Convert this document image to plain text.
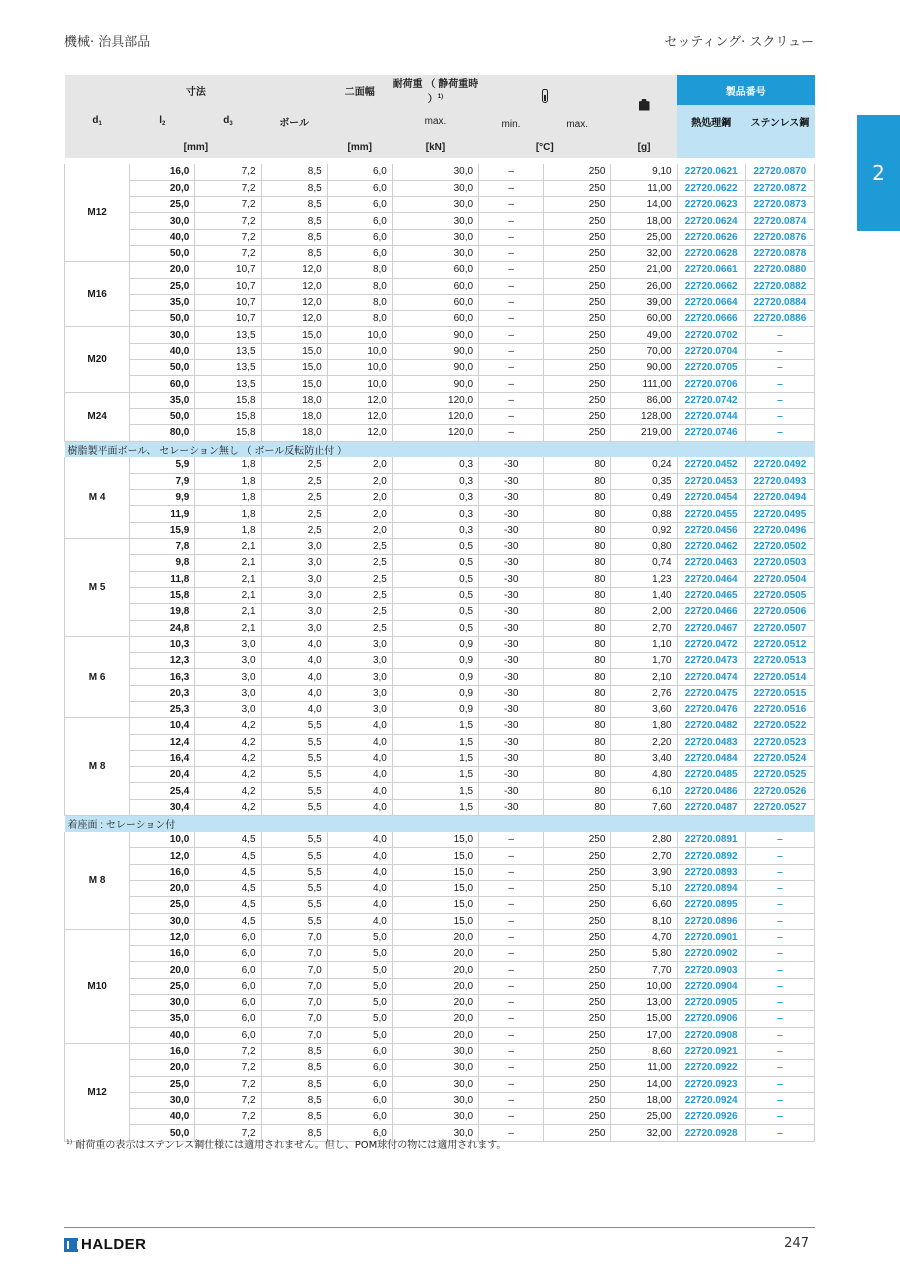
機械· 治具部品	セッティング· スクリュー
2
寸法				二面幅	耐荷重 （ 静荷重時 ）$^{1)}$	min. max.			製品番号	
$d_1$	$l_2$	$d_3$	ボール		max.				熱処理鋼	ステンレス鋼
[mm]				[mm]	[kN]	[°C]		[g]		

M12	16,0	7,2	8,5	6,0	30,0	–	250	9,10	22720.0621	22720.0870
	20,0	7,2	8,5	6,0	30,0	–	250	11,00	22720.0622	22720.0872
	25,0	7,2	8,5	6,0	30,0	–	250	14,00	22720.0623	22720.0873
	30,0	7,2	8,5	6,0	30,0	–	250	18,00	22720.0624	22720.0874
	40,0	7,2	8,5	6,0	30,0	–	250	25,00	22720.0626	22720.0876
	50,0	7,2	8,5	6,0	30,0	–	250	32,00	22720.0628	22720.0878
M16	20,0	10,7	12,0	8,0	60,0	–	250	21,00	22720.0661	22720.0880
	25,0	10,7	12,0	8,0	60,0	–	250	26,00	22720.0662	22720.0882
	35,0	10,7	12,0	8,0	60,0	–	250	39,00	22720.0664	22720.0884
	50,0	10,7	12,0	8,0	60,0	–	250	60,00	22720.0666	22720.0886
M20	30,0	13,5	15,0	10,0	90,0	–	250	49,00	22720.0702	–
	40,0	13,5	15,0	10,0	90,0	–	250	70,00	22720.0704	–
	50,0	13,5	15,0	10,0	90,0	–	250	90,00	22720.0705	–
	60,0	13,5	15,0	10,0	90,0	–	250	111,00	22720.0706	–
M24	35,0	15,8	18,0	12,0	120,0	–	250	86,00	22720.0742	–
	50,0	15,8	18,0	12,0	120,0	–	250	128,00	22720.0744	–
	80,0	15,8	18,0	12,0	120,0	–	250	219,00	22720.0746	–
樹脂製平面ボール、 セレーション無し （ ボール反転防止付 ）										
M 4	5,9	1,8	2,5	2,0	0,3	-30	80	0,24	22720.0452	22720.0492
	7,9	1,8	2,5	2,0	0,3	-30	80	0,35	22720.0453	22720.0493
	9,9	1,8	2,5	2,0	0,3	-30	80	0,49	22720.0454	22720.0494
	11,9	1,8	2,5	2,0	0,3	-30	80	0,88	22720.0455	22720.0495
	15,9	1,8	2,5	2,0	0,3	-30	80	0,92	22720.0456	22720.0496
M 5	7,8	2,1	3,0	2,5	0,5	-30	80	0,80	22720.0462	22720.0502
	9,8	2,1	3,0	2,5	0,5	-30	80	0,74	22720.0463	22720.0503
	11,8	2,1	3,0	2,5	0,5	-30	80	1,23	22720.0464	22720.0504
	15,8	2,1	3,0	2,5	0,5	-30	80	1,40	22720.0465	22720.0505
	19,8	2,1	3,0	2,5	0,5	-30	80	2,00	22720.0466	22720.0506
	24,8	2,1	3,0	2,5	0,5	-30	80	2,70	22720.0467	22720.0507
M 6	10,3	3,0	4,0	3,0	0,9	-30	80	1,10	22720.0472	22720.0512
	12,3	3,0	4,0	3,0	0,9	-30	80	1,70	22720.0473	22720.0513
	16,3	3,0	4,0	3,0	0,9	-30	80	2,10	22720.0474	22720.0514
	20,3	3,0	4,0	3,0	0,9	-30	80	2,76	22720.0475	22720.0515
	25,3	3,0	4,0	3,0	0,9	-30	80	3,60	22720.0476	22720.0516
M 8	10,4	4,2	5,5	4,0	1,5	-30	80	1,80	22720.0482	22720.0522
	12,4	4,2	5,5	4,0	1,5	-30	80	2,20	22720.0483	22720.0523
	16,4	4,2	5,5	4,0	1,5	-30	80	3,40	22720.0484	22720.0524
	20,4	4,2	5,5	4,0	1,5	-30	80	4,80	22720.0485	22720.0525
	25,4	4,2	5,5	4,0	1,5	-30	80	6,10	22720.0486	22720.0526
	30,4	4,2	5,5	4,0	1,5	-30	80	7,60	22720.0487	22720.0527
着座面 : セレーション付										
M 8	10,0	4,5	5,5	4,0	15,0	–	250	2,80	22720.0891	–
	12,0	4,5	5,5	4,0	15,0	–	250	2,70	22720.0892	–
	16,0	4,5	5,5	4,0	15,0	–	250	3,90	22720.0893	–
	20,0	4,5	5,5	4,0	15,0	–	250	5,10	22720.0894	–
	25,0	4,5	5,5	4,0	15,0	–	250	6,60	22720.0895	–
	30,0	4,5	5,5	4,0	15,0	–	250	8,10	22720.0896	–
M10	12,0	6,0	7,0	5,0	20,0	–	250	4,70	22720.0901	–
	16,0	6,0	7,0	5,0	20,0	–	250	5,80	22720.0902	–
	20,0	6,0	7,0	5,0	20,0	–	250	7,70	22720.0903	–
	25,0	6,0	7,0	5,0	20,0	–	250	10,00	22720.0904	–
	30,0	6,0	7,0	5,0	20,0	–	250	13,00	22720.0905	–
	35,0	6,0	7,0	5,0	20,0	–	250	15,00	22720.0906	–
	40,0	6,0	7,0	5,0	20,0	–	250	17,00	22720.0908	–
M12	16,0	7,2	8,5	6,0	30,0	–	250	8,60	22720.0921	–
	20,0	7,2	8,5	6,0	30,0	–	250	11,00	22720.0922	–
	25,0	7,2	8,5	6,0	30,0	–	250	14,00	22720.0923	–
	30,0	7,2	8,5	6,0	30,0	–	250	18,00	22720.0924	–
	40,0	7,2	8,5	6,0	30,0	–	250	25,00	22720.0926	–
	50,0	7,2	8,5	6,0	30,0	–	250	32,00	22720.0928	–
$^{1)}$ 耐荷重の表示はステンレス鋼仕様には適用されません。但し、POM球付の物には適用されます。
HALDER	247
